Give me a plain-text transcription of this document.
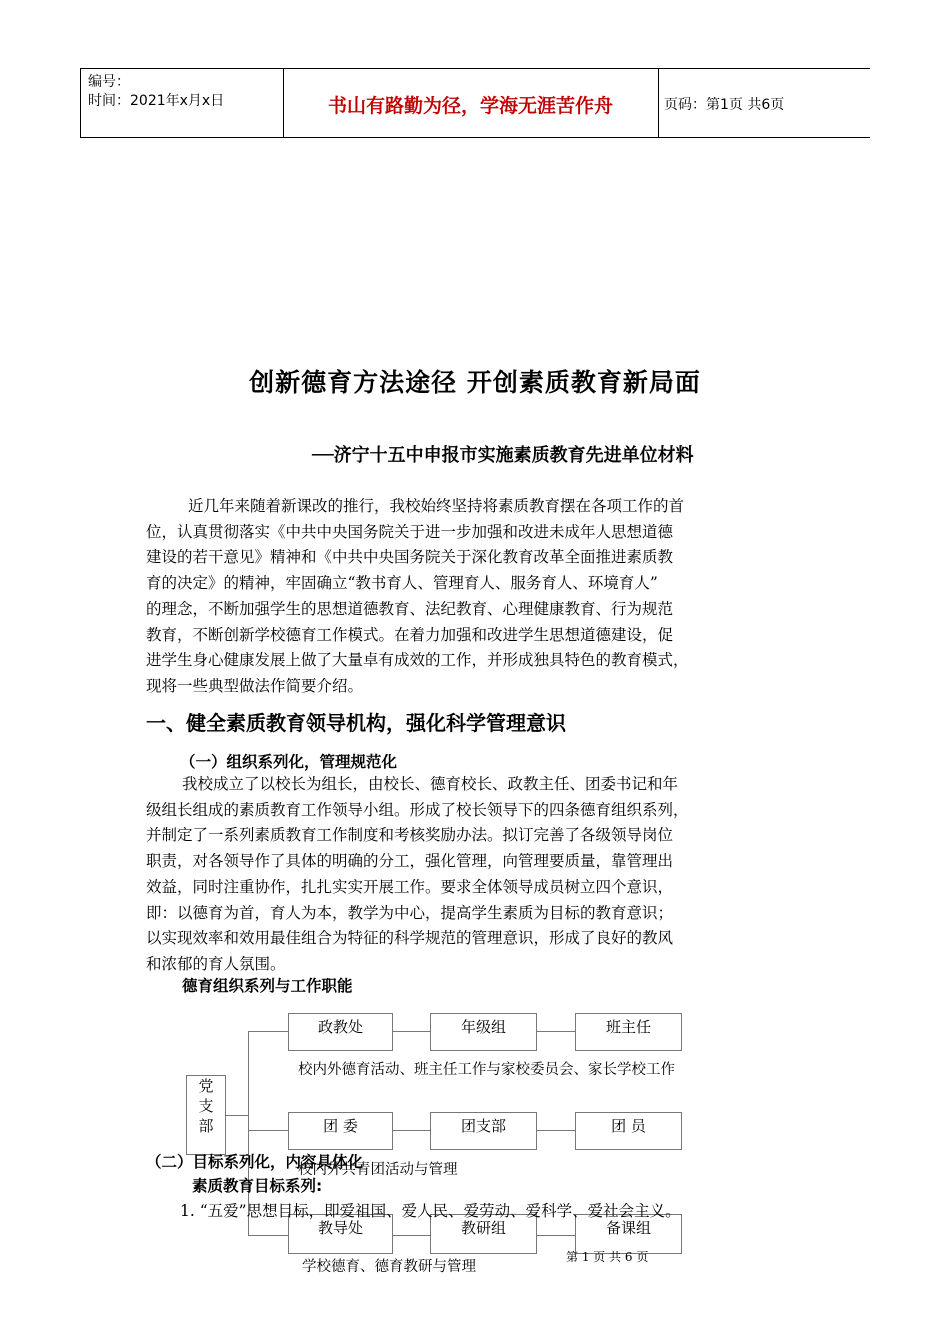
编号：
时间：2021年x月x日	书山有路勤为径，学海无涯苦作舟	页码：第1页 共6页
创新德育方法途径 开创素质教育新局面
──济宁十五中申报市实施素质教育先进单位材料

近几年来随着新课改的推行，我校始终坚持将素质教育摆在各项工作的首

位，认真贯彻落实《中共中央国务院关于进一步加强和改进未成年人思想道德

建设的若干意见》精神和《中共中央国务院关于深化教育改革全面推进素质教

育的决定》的精神，牢固确立“教书育人、管理育人、服务育人、环境育人”

的理念，不断加强学生的思想道德教育、法纪教育、心理健康教育、行为规范

教育，不断创新学校德育工作模式。在着力加强和改进学生思想道德建设，促

进学生身心健康发展上做了大量卓有成效的工作，并形成独具特色的教育模式，

现将一些典型做法作简要介绍。

一、健全素质教育领导机构，强化科学管理意识
（一）组织系列化，管理规范化

我校成立了以校长为组长，由校长、德育校长、政教主任、团委书记和年

级组长组成的素质教育工作领导小组。形成了校长领导下的四条德育组织系列，

并制定了一系列素质教育工作制度和考核奖励办法。拟订完善了各级领导岗位

职责，对各领导作了具体的明确的分工，强化管理，向管理要质量，靠管理出

效益，同时注重协作，扎扎实实开展工作。要求全体领导成员树立四个意识，

即：以德育为首，育人为本，教学为中心，提高学生素质为目标的教育意识；

以实现效率和效用最佳组合为特征的科学规范的管理意识，形成了良好的教风

和浓郁的育人氛围。

德育组织系列与工作职能
党
支
部
政教处	年级组	班主任
校内外德育活动、班主任工作与家校委员会、家长学校工作
团 委	团支部	团 员
校内外共青团活动与管理
教导处	教研组	备课组
学校德育、德育教研与管理
（二）目标系列化，内容具体化
素质教育目标系列:
1. “五爱”思想目标，即爱祖国、爱人民、爱劳动、爱科学、爱社会主义。
第 1 页 共 6 页
